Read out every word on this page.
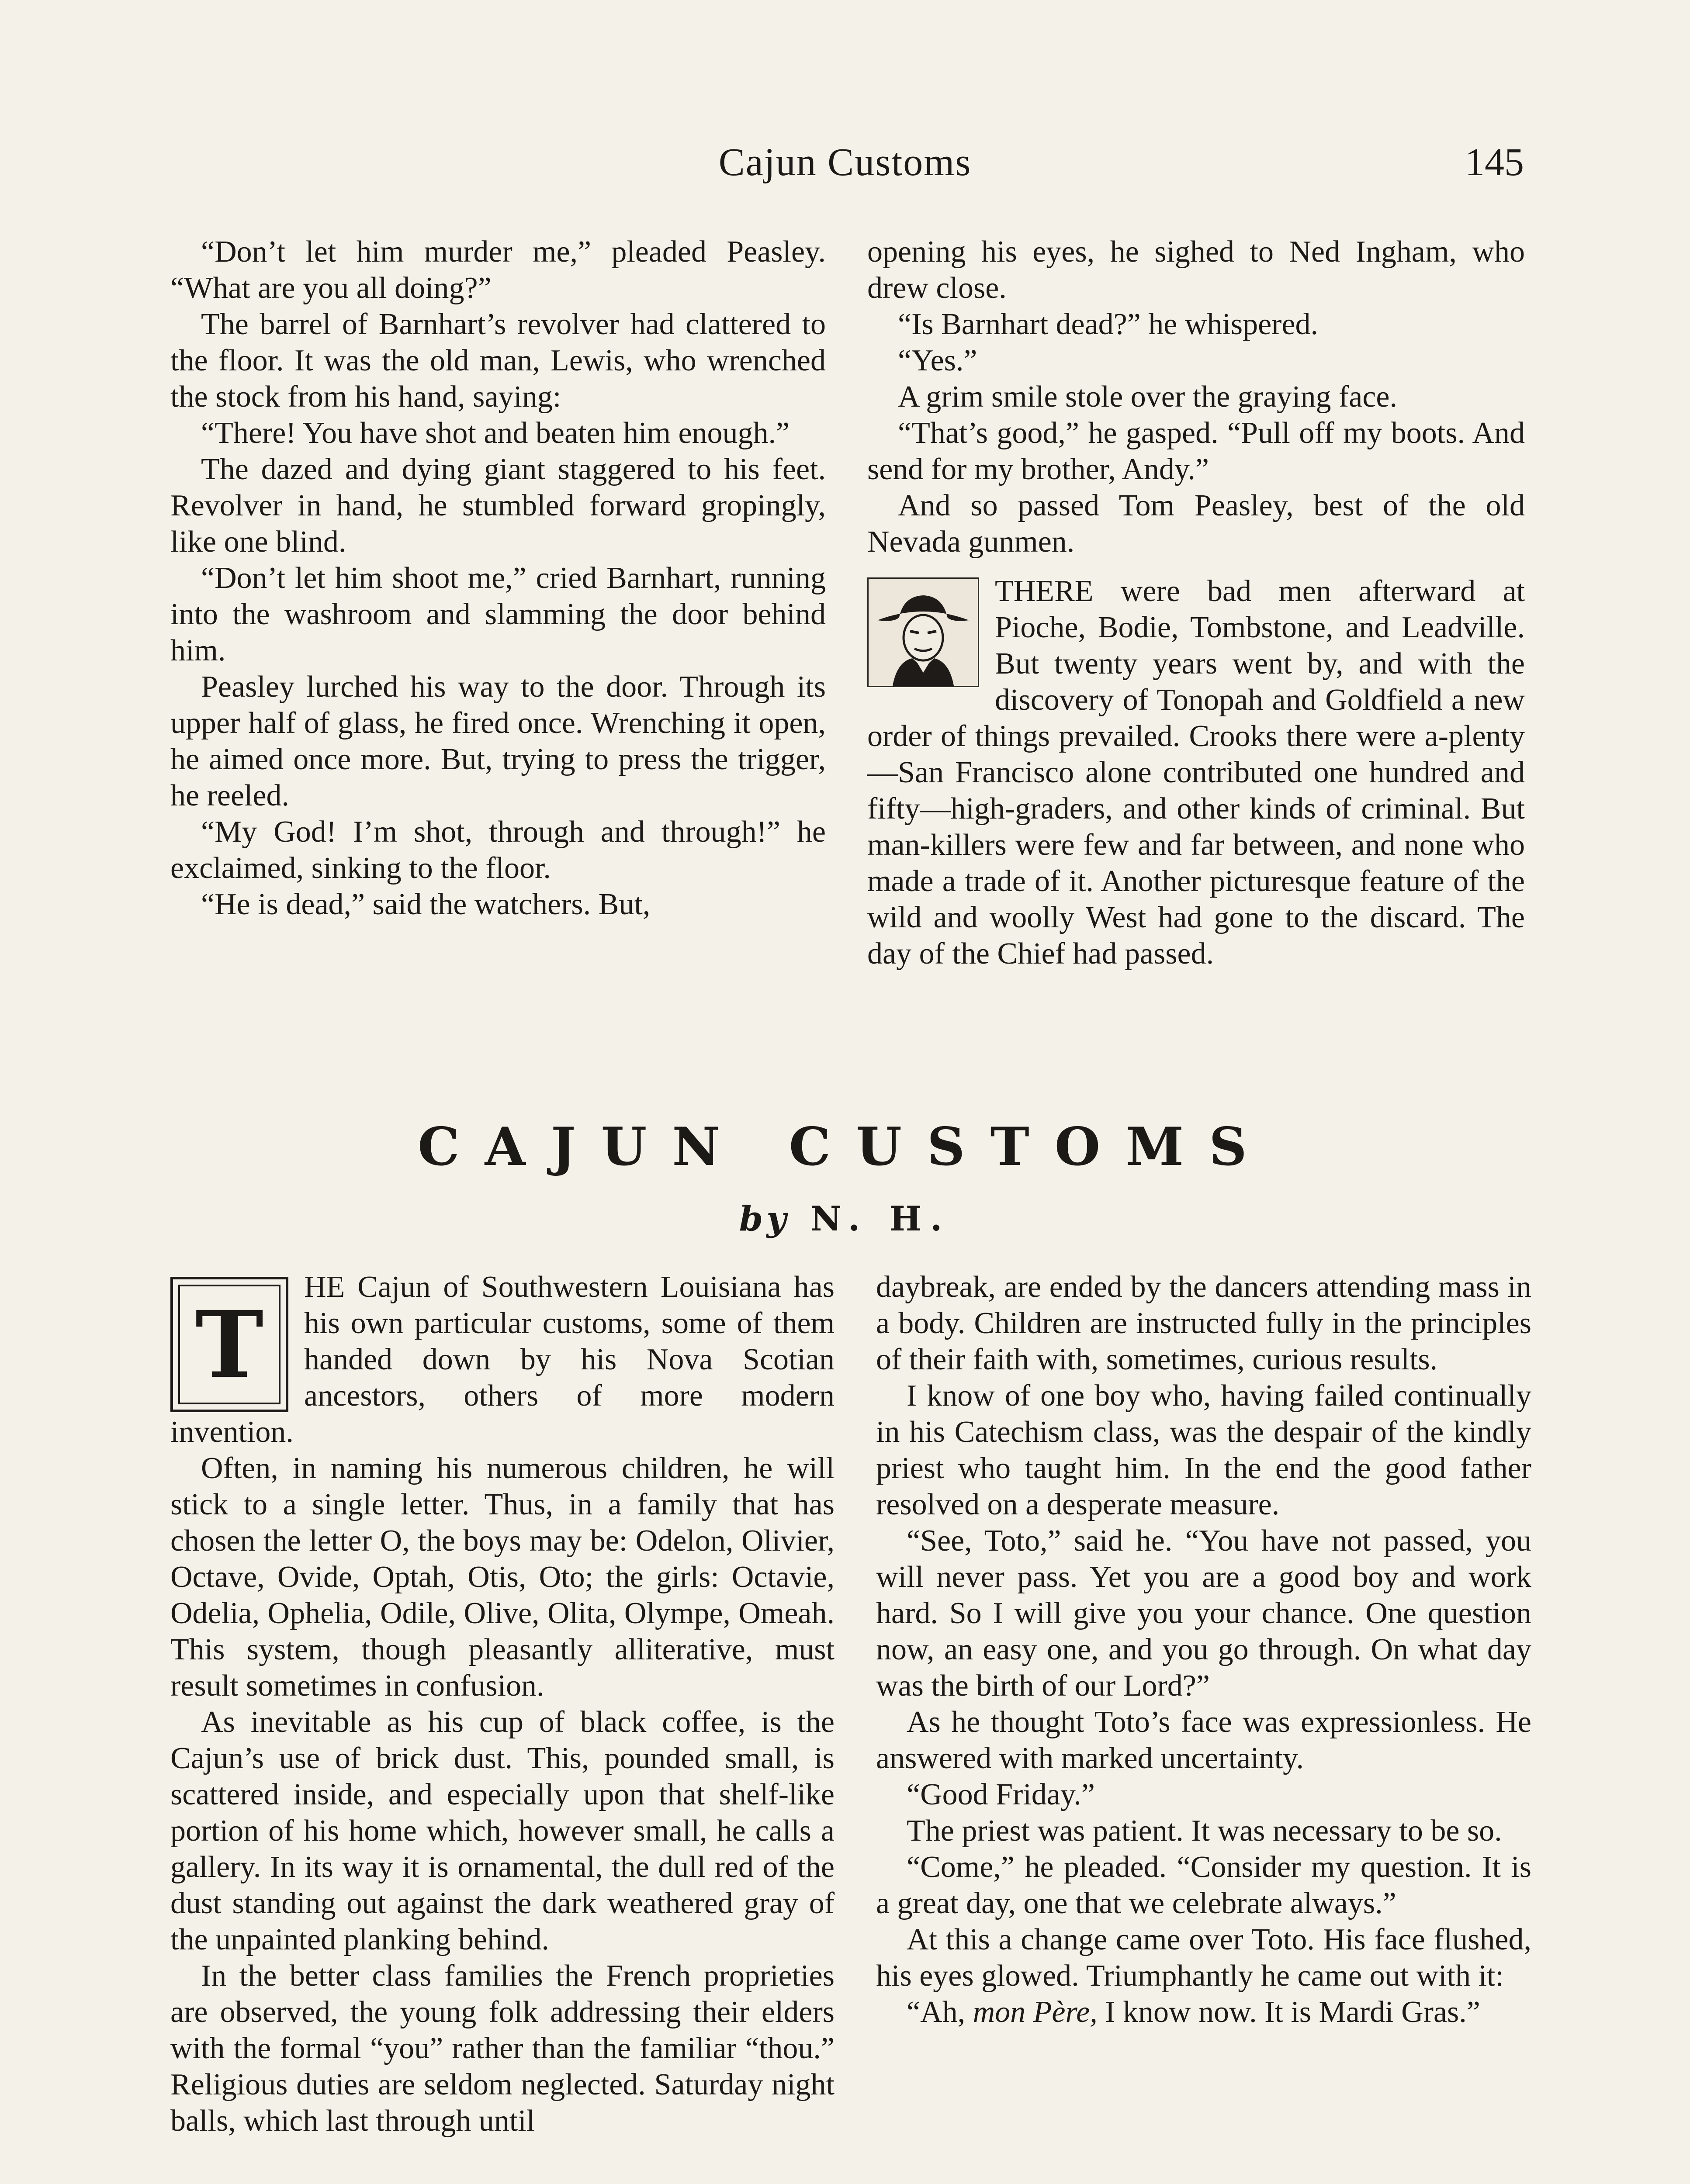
Cajun Customs	145

“Don’t let him murder me,” pleaded Peasley. “What are you all doing?”

The barrel of Barnhart’s revolver had clattered to the floor. It was the old man, Lewis, who wrenched the stock from his hand, saying:

“There! You have shot and beaten him enough.”

The dazed and dying giant staggered to his feet. Revolver in hand, he stumbled forward gropingly, like one blind.

“Don’t let him shoot me,” cried Barnhart, running into the washroom and slamming the door behind him.

Peasley lurched his way to the door. Through its upper half of glass, he fired once. Wrenching it open, he aimed once more. But, trying to press the trigger, he reeled.

“My God! I’m shot, through and through!” he exclaimed, sinking to the floor.

“He is dead,” said the watchers. But,

opening his eyes, he sighed to Ned Ingham, who drew close.

“Is Barnhart dead?” he whispered.

“Yes.”

A grim smile stole over the graying face.

“That’s good,” he gasped. “Pull off my boots. And send for my brother, Andy.”

And so passed Tom Peasley, best of the old Nevada gunmen.

THERE were bad men afterward at Pioche, Bodie, Tombstone, and Leadville. But twenty years went by, and with the discovery of Tonopah and Goldfield a new order of things prevailed. Crooks there were a-plenty—San Francisco alone contributed one hundred and fifty—high-graders, and other kinds of criminal. But man-killers were few and far between, and none who made a trade of it. Another picturesque feature of the wild and woolly West had gone to the discard. The day of the Chief had passed.

CAJUN CUSTOMS
by N. H.
T

HE Cajun of Southwestern Louisiana has his own particular customs, some of them handed down by his Nova Scotian ancestors, others of more modern invention.

Often, in naming his numerous children, he will stick to a single letter. Thus, in a family that has chosen the letter O, the boys may be: Odelon, Olivier, Octave, Ovide, Optah, Otis, Oto; the girls: Octavie, Odelia, Ophelia, Odile, Olive, Olita, Olympe, Omeah. This system, though pleasantly alliterative, must result sometimes in confusion.

As inevitable as his cup of black coffee, is the Cajun’s use of brick dust. This, pounded small, is scattered inside, and especially upon that shelf-like portion of his home which, however small, he calls a gallery. In its way it is ornamental, the dull red of the dust standing out against the dark weathered gray of the unpainted planking behind.

In the better class families the French proprieties are observed, the young folk addressing their elders with the formal “you” rather than the familiar “thou.” Religious duties are seldom neglected. Saturday night balls, which last through until

daybreak, are ended by the dancers attending mass in a body. Children are instructed fully in the principles of their faith with, sometimes, curious results.

I know of one boy who, having failed continually in his Catechism class, was the despair of the kindly priest who taught him. In the end the good father resolved on a desperate measure.

“See, Toto,” said he. “You have not passed, you will never pass. Yet you are a good boy and work hard. So I will give you your chance. One question now, an easy one, and you go through. On what day was the birth of our Lord?”

As he thought Toto’s face was expressionless. He answered with marked uncertainty.

“Good Friday.”

The priest was patient. It was necessary to be so.

“Come,” he pleaded. “Consider my question. It is a great day, one that we celebrate always.”

At this a change came over Toto. His face flushed, his eyes glowed. Triumphantly he came out with it:

“Ah, mon Père, I know now. It is Mardi Gras.”
